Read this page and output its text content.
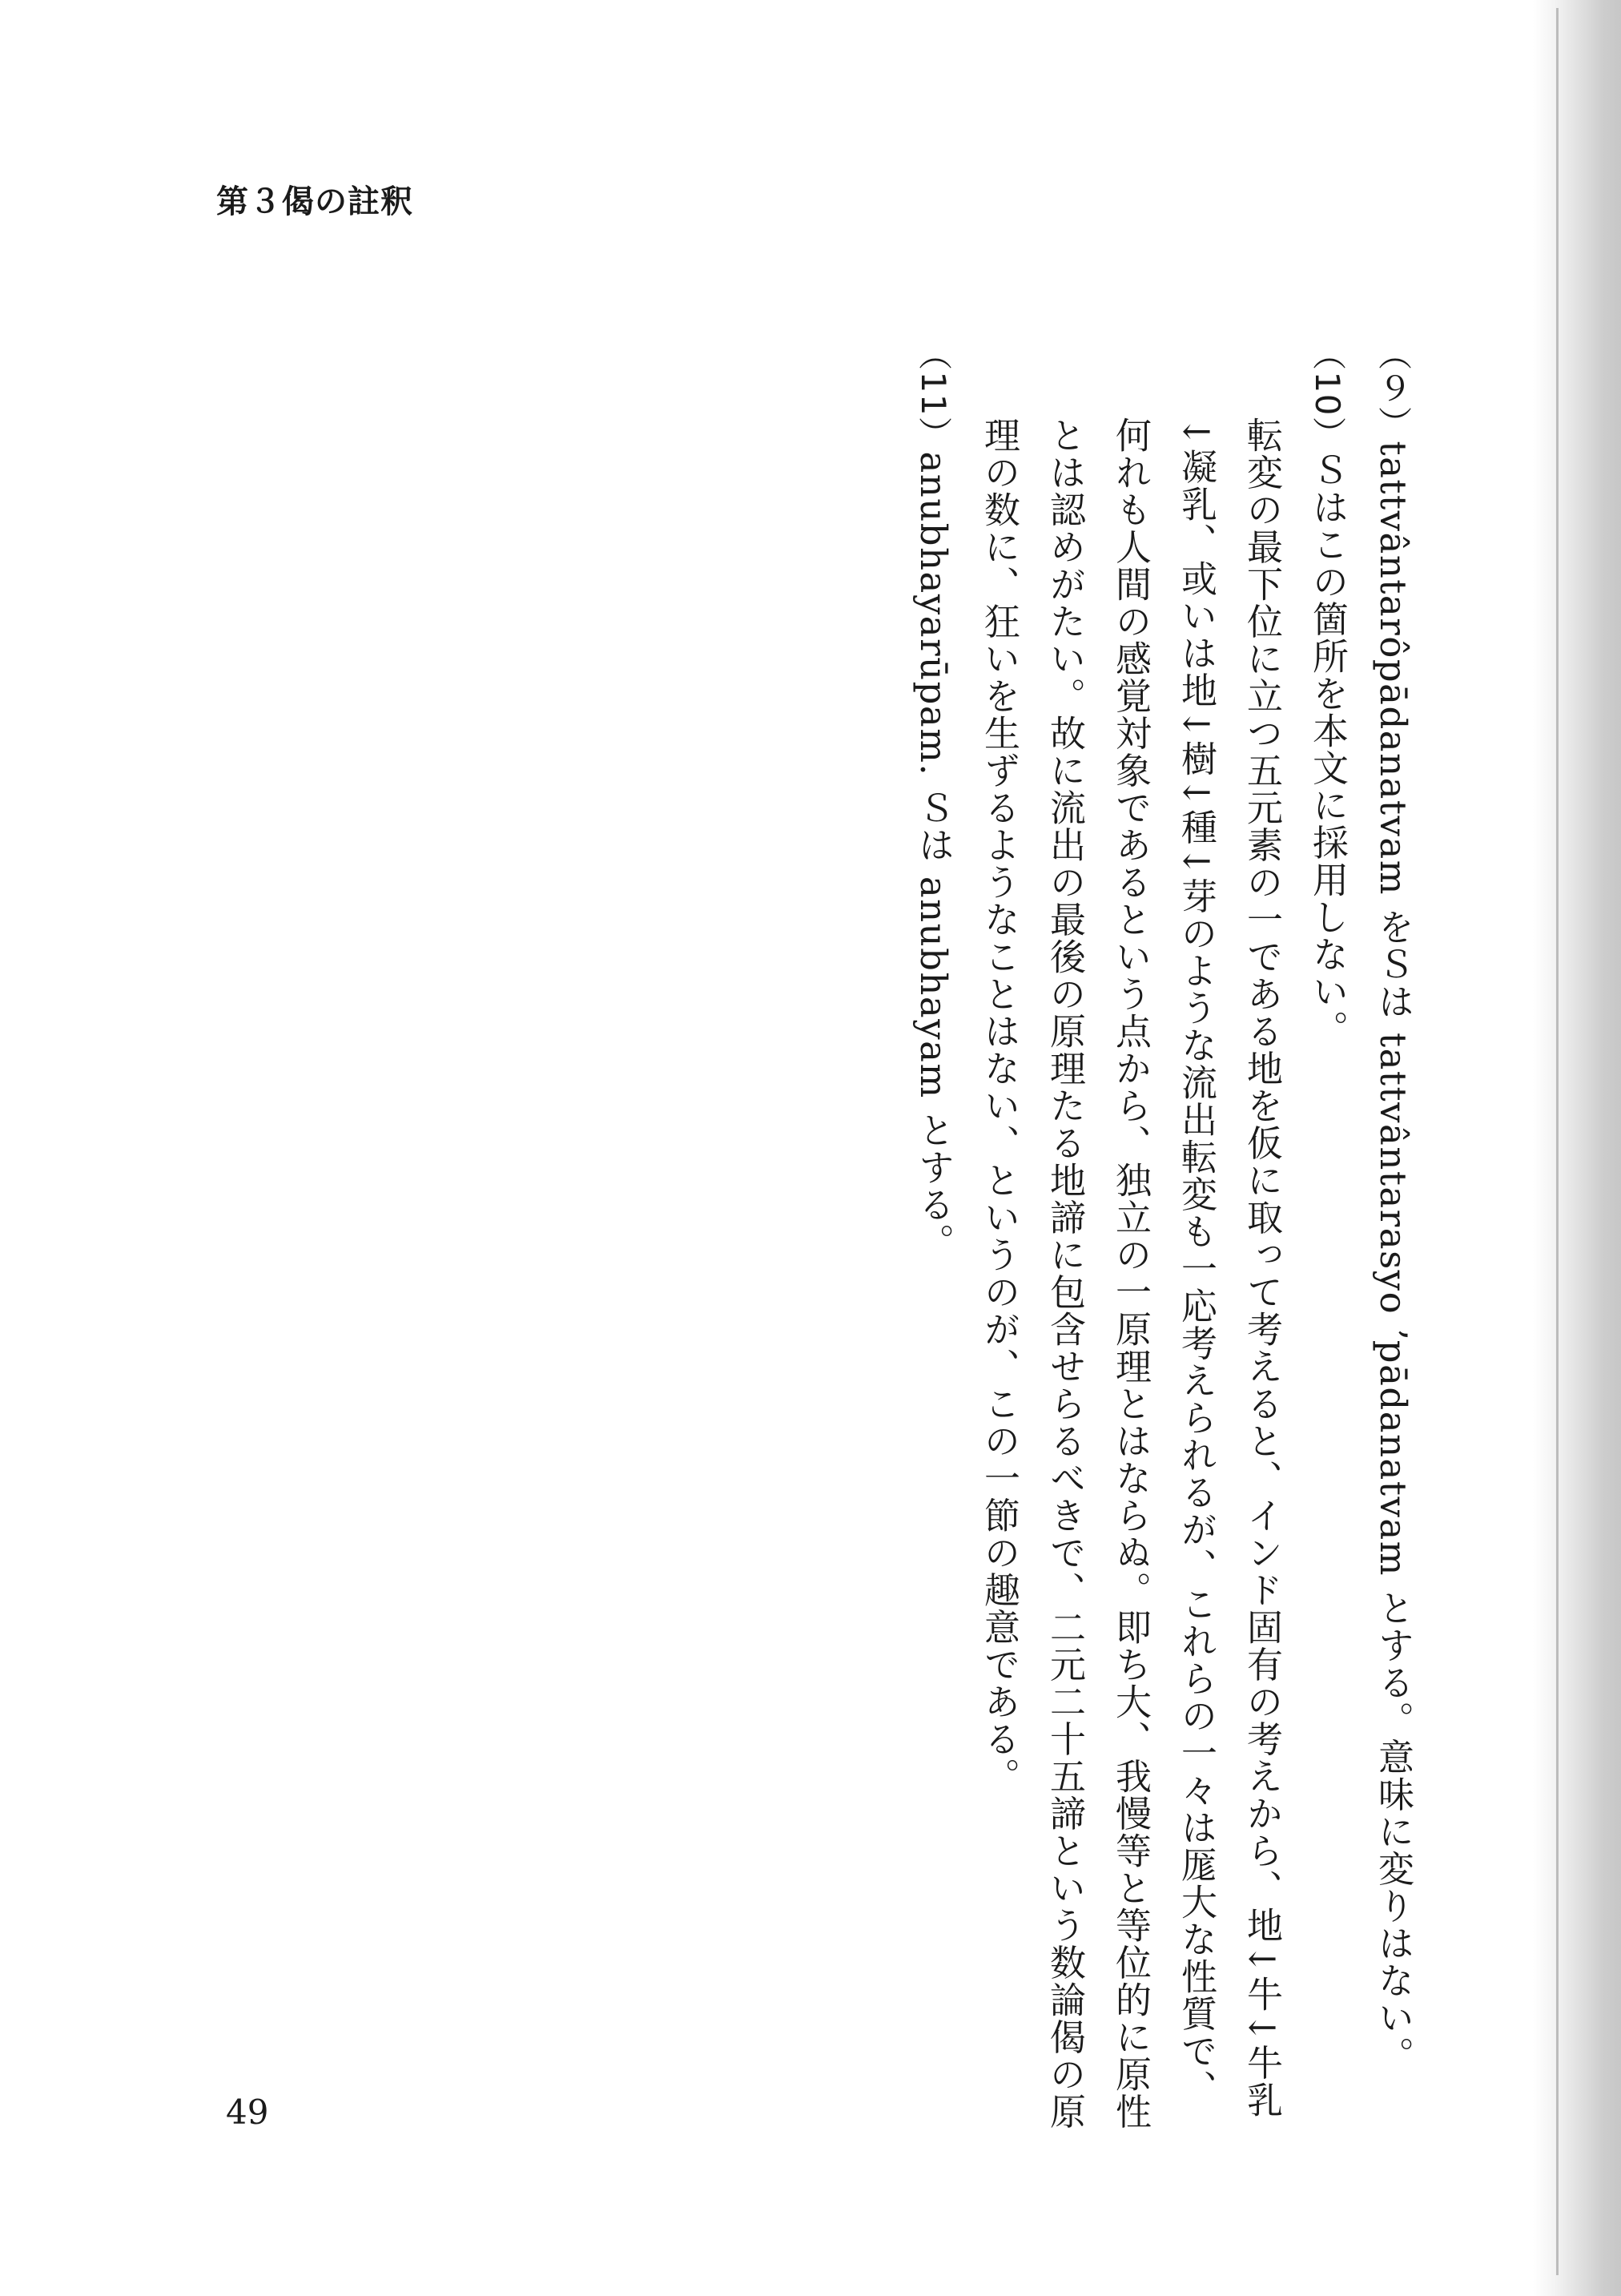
第３偈の註釈
（９）tattvântarôpādanatvam をＳは tattvântarasyo ʼpādanatvam とする。意味に変りはない。
（10）Ｓはこの箇所を本文に採用しない。
転変の最下位に立つ五元素の一である地を仮に取って考えると、インド固有の考えから、地↓牛↓牛乳
↓凝乳、或いは地↓樹↓種↓芽のような流出転変も一応考えられるが、これらの一々は厖大な性質で、
何れも人間の感覚対象であるという点から、独立の一原理とはならぬ。即ち大、我慢等と等位的に原性
とは認めがたい。故に流出の最後の原理たる地諦に包含せらるべきで、二元二十五諦という数論偈の原
理の数に、狂いを生ずるようなことはない、というのが、この一節の趣意である。
（11）anubhayarūpam. Ｓは anubhayam とする。
49
